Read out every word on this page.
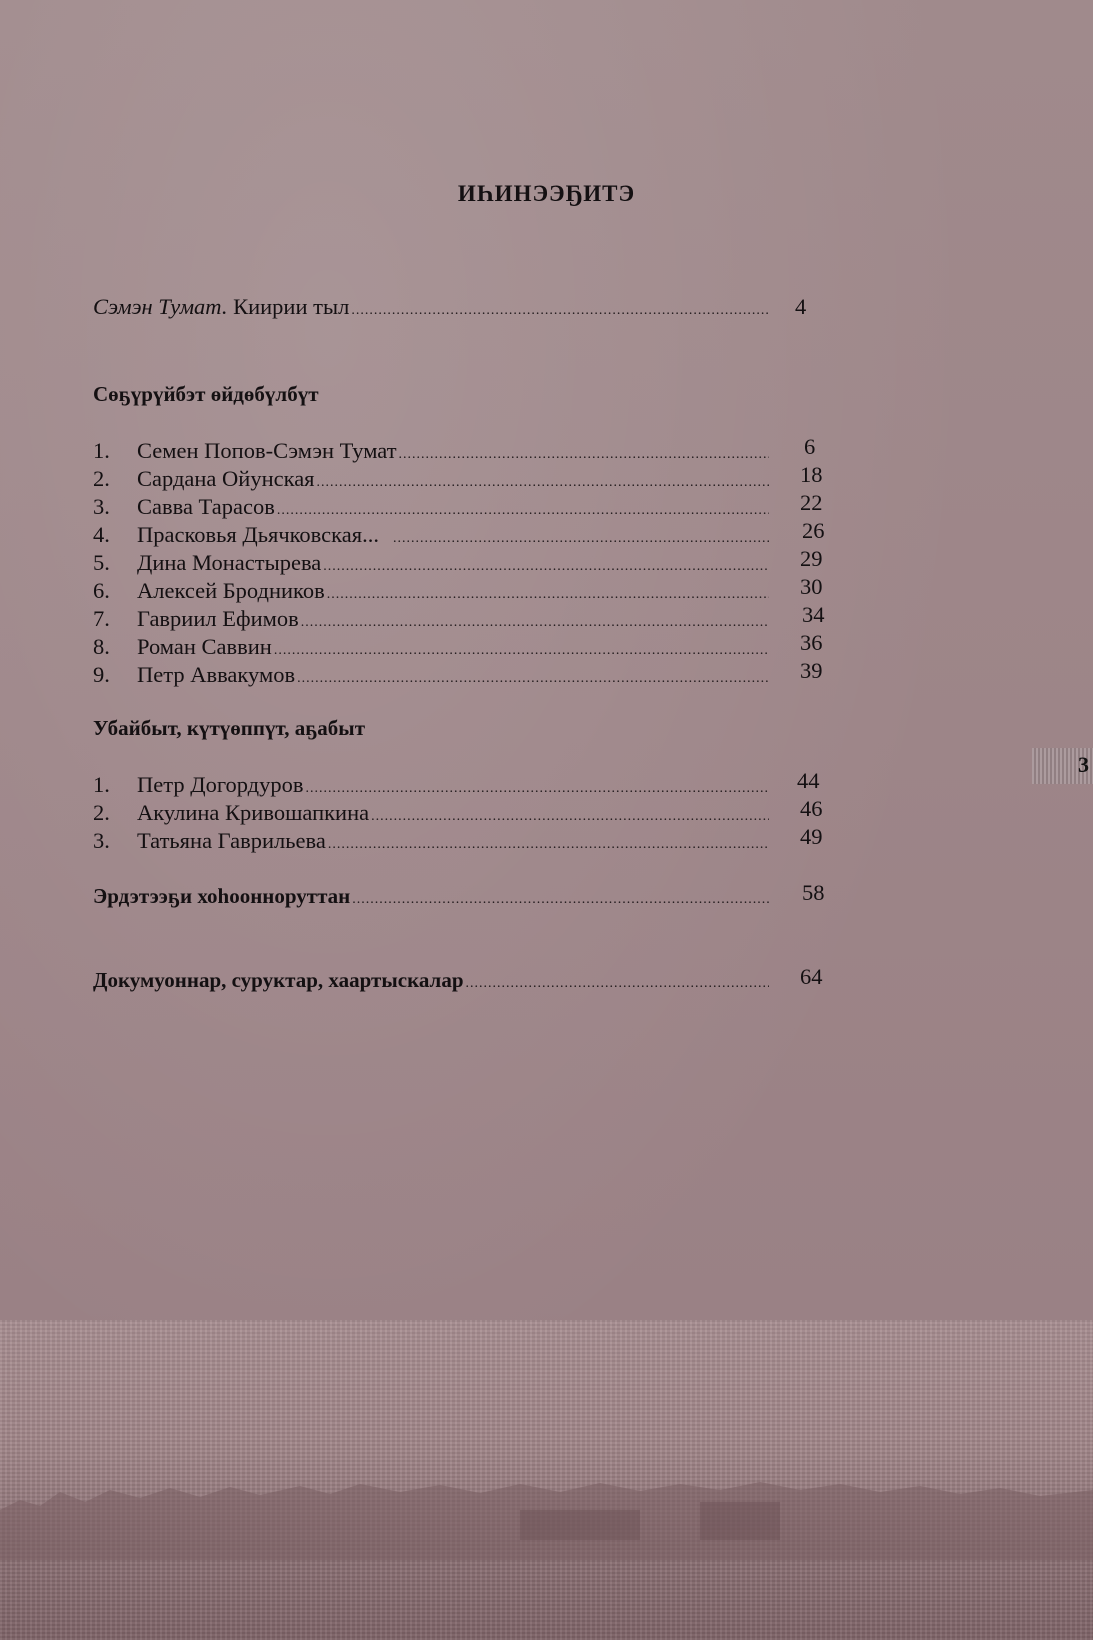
ИҺИНЭЭҔИТЭ
Сэмэн Тумат. Киирии тыл .....	4
Сөҕүрүйбэт өйдөбүлбүт
1.	Семен Попов-Сэмэн Тумат .....	6
2.	Сардана Ойунская .....	18
3.	Савва Тарасов .....	22
4.	Прасковья Дьячковская... .....	26
5.	Дина Монастырева .....	29
6.	Алексей Бродников .....	30
7.	Гавриил Ефимов .....	34
8.	Роман Саввин .....	36
9.	Петр Аввакумов .....	39
Убайбыт, күтүөппүт, аҕабыт
1.	Петр Догордуров .....	44
2.	Акулина Кривошапкина .....	46
3.	Татьяна Гаврильева .....	49
Эрдэтээҕи хоһооннoруттан .....	58
Докумуоннар, суруктар, хаартыскалар .....	64
3
